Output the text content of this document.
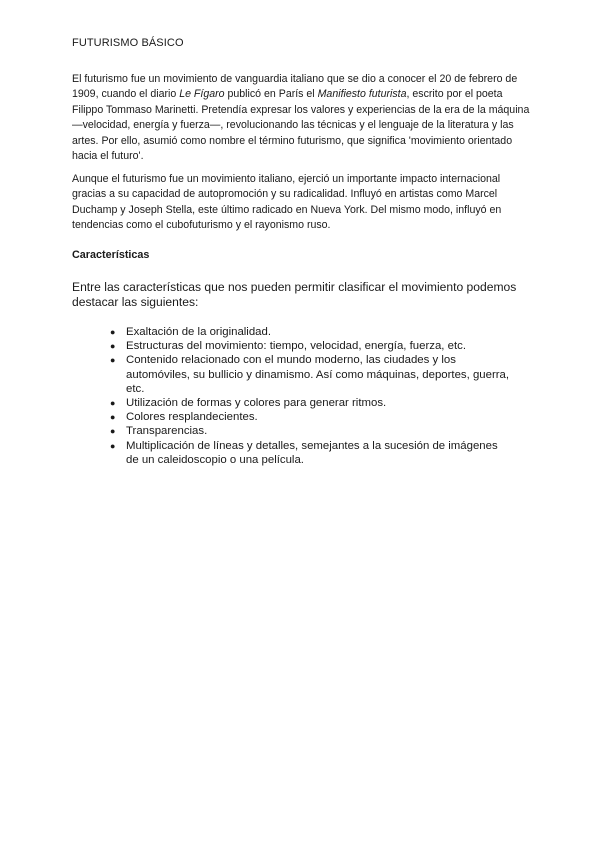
FUTURISMO BÁSICO

El futurismo fue un movimiento de vanguardia italiano que se dio a conocer el 20 de febrero de 1909, cuando el diario Le Fígaro publicó en París el Manifiesto futurista, escrito por el poeta Filippo Tommaso Marinetti. Pretendía expresar los valores y experiencias de la era de la máquina —velocidad, energía y fuerza—, revolucionando las técnicas y el lenguaje de la literatura y las artes. Por ello, asumió como nombre el término futurismo, que significa 'movimiento orientado hacia el futuro'.

Aunque el futurismo fue un movimiento italiano, ejerció un importante impacto internacional gracias a su capacidad de autopromoción y su radicalidad. Influyó en artistas como Marcel Duchamp y Joseph Stella, este último radicado en Nueva York. Del mismo modo, influyó en tendencias como el cubofuturismo y el rayonismo ruso.

Características

Entre las características que nos pueden permitir clasificar el movimiento podemos destacar las siguientes:

● Exaltación de la originalidad.
● Estructuras del movimiento: tiempo, velocidad, energía, fuerza, etc.
● Contenido relacionado con el mundo moderno, las ciudades y los automóviles, su bullicio y dinamismo. Así como máquinas, deportes, guerra, etc.
● Utilización de formas y colores para generar ritmos.
● Colores resplandecientes.
● Transparencias.
● Multiplicación de líneas y detalles, semejantes a la sucesión de imágenes de un caleidoscopio o una película.
